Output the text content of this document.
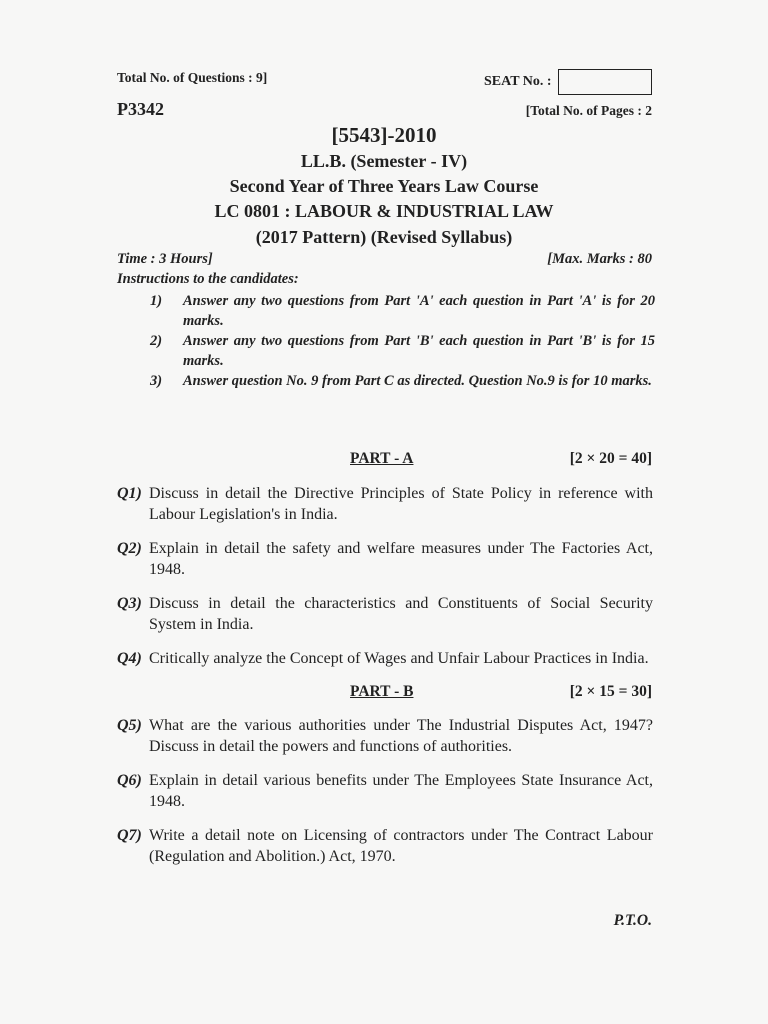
Total No. of Questions : 9]	SEAT No. :
P3342	[Total No. of Pages : 2
[5543]-2010
LL.B. (Semester - IV)
Second Year of Three Years Law Course
LC 0801 : LABOUR & INDUSTRIAL LAW
(2017 Pattern) (Revised Syllabus)
Time : 3 Hours]	[Max. Marks : 80
Instructions to the candidates:
1) Answer any two questions from Part 'A' each question in Part 'A' is for 20 marks.
2) Answer any two questions from Part 'B' each question in Part 'B' is for 15 marks.
3) Answer question No. 9 from Part C as directed. Question No.9 is for 10 marks.
PART - A	[2 × 20 = 40]
Q1) Discuss in detail the Directive Principles of State Policy in reference with Labour Legislation's in India.
Q2) Explain in detail the safety and welfare measures under The Factories Act, 1948.
Q3) Discuss in detail the characteristics and Constituents of Social Security System in India.
Q4) Critically analyze the Concept of Wages and Unfair Labour Practices in India.
PART - B	[2 × 15 = 30]
Q5) What are the various authorities under The Industrial Disputes Act, 1947? Discuss in detail the powers and functions of authorities.
Q6) Explain in detail various benefits under The Employees State Insurance Act, 1948.
Q7) Write a detail note on Licensing of contractors under The Contract Labour (Regulation and Abolition.) Act, 1970.
P.T.O.
